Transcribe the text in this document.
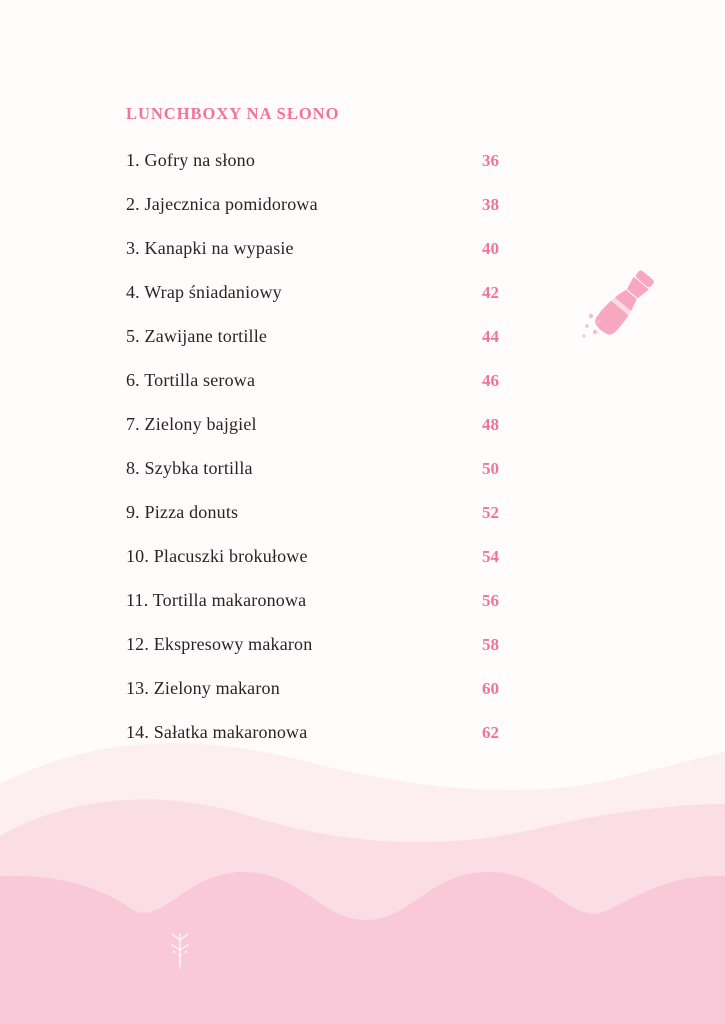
LUNCHBOXY NA SŁONO
1. Gofry na słono	36
2. Jajecznica pomidorowa	38
3. Kanapki na wypasie	40
4. Wrap śniadaniowy	42
5. Zawijane tortille	44
6. Tortilla serowa	46
7. Zielony bajgiel	48
8. Szybka tortilla	50
9. Pizza donuts	52
10. Placuszki brokułowe	54
11. Tortilla makaronowa	56
12. Ekspresowy makaron	58
13. Zielony makaron	60
14. Sałatka makaronowa	62
